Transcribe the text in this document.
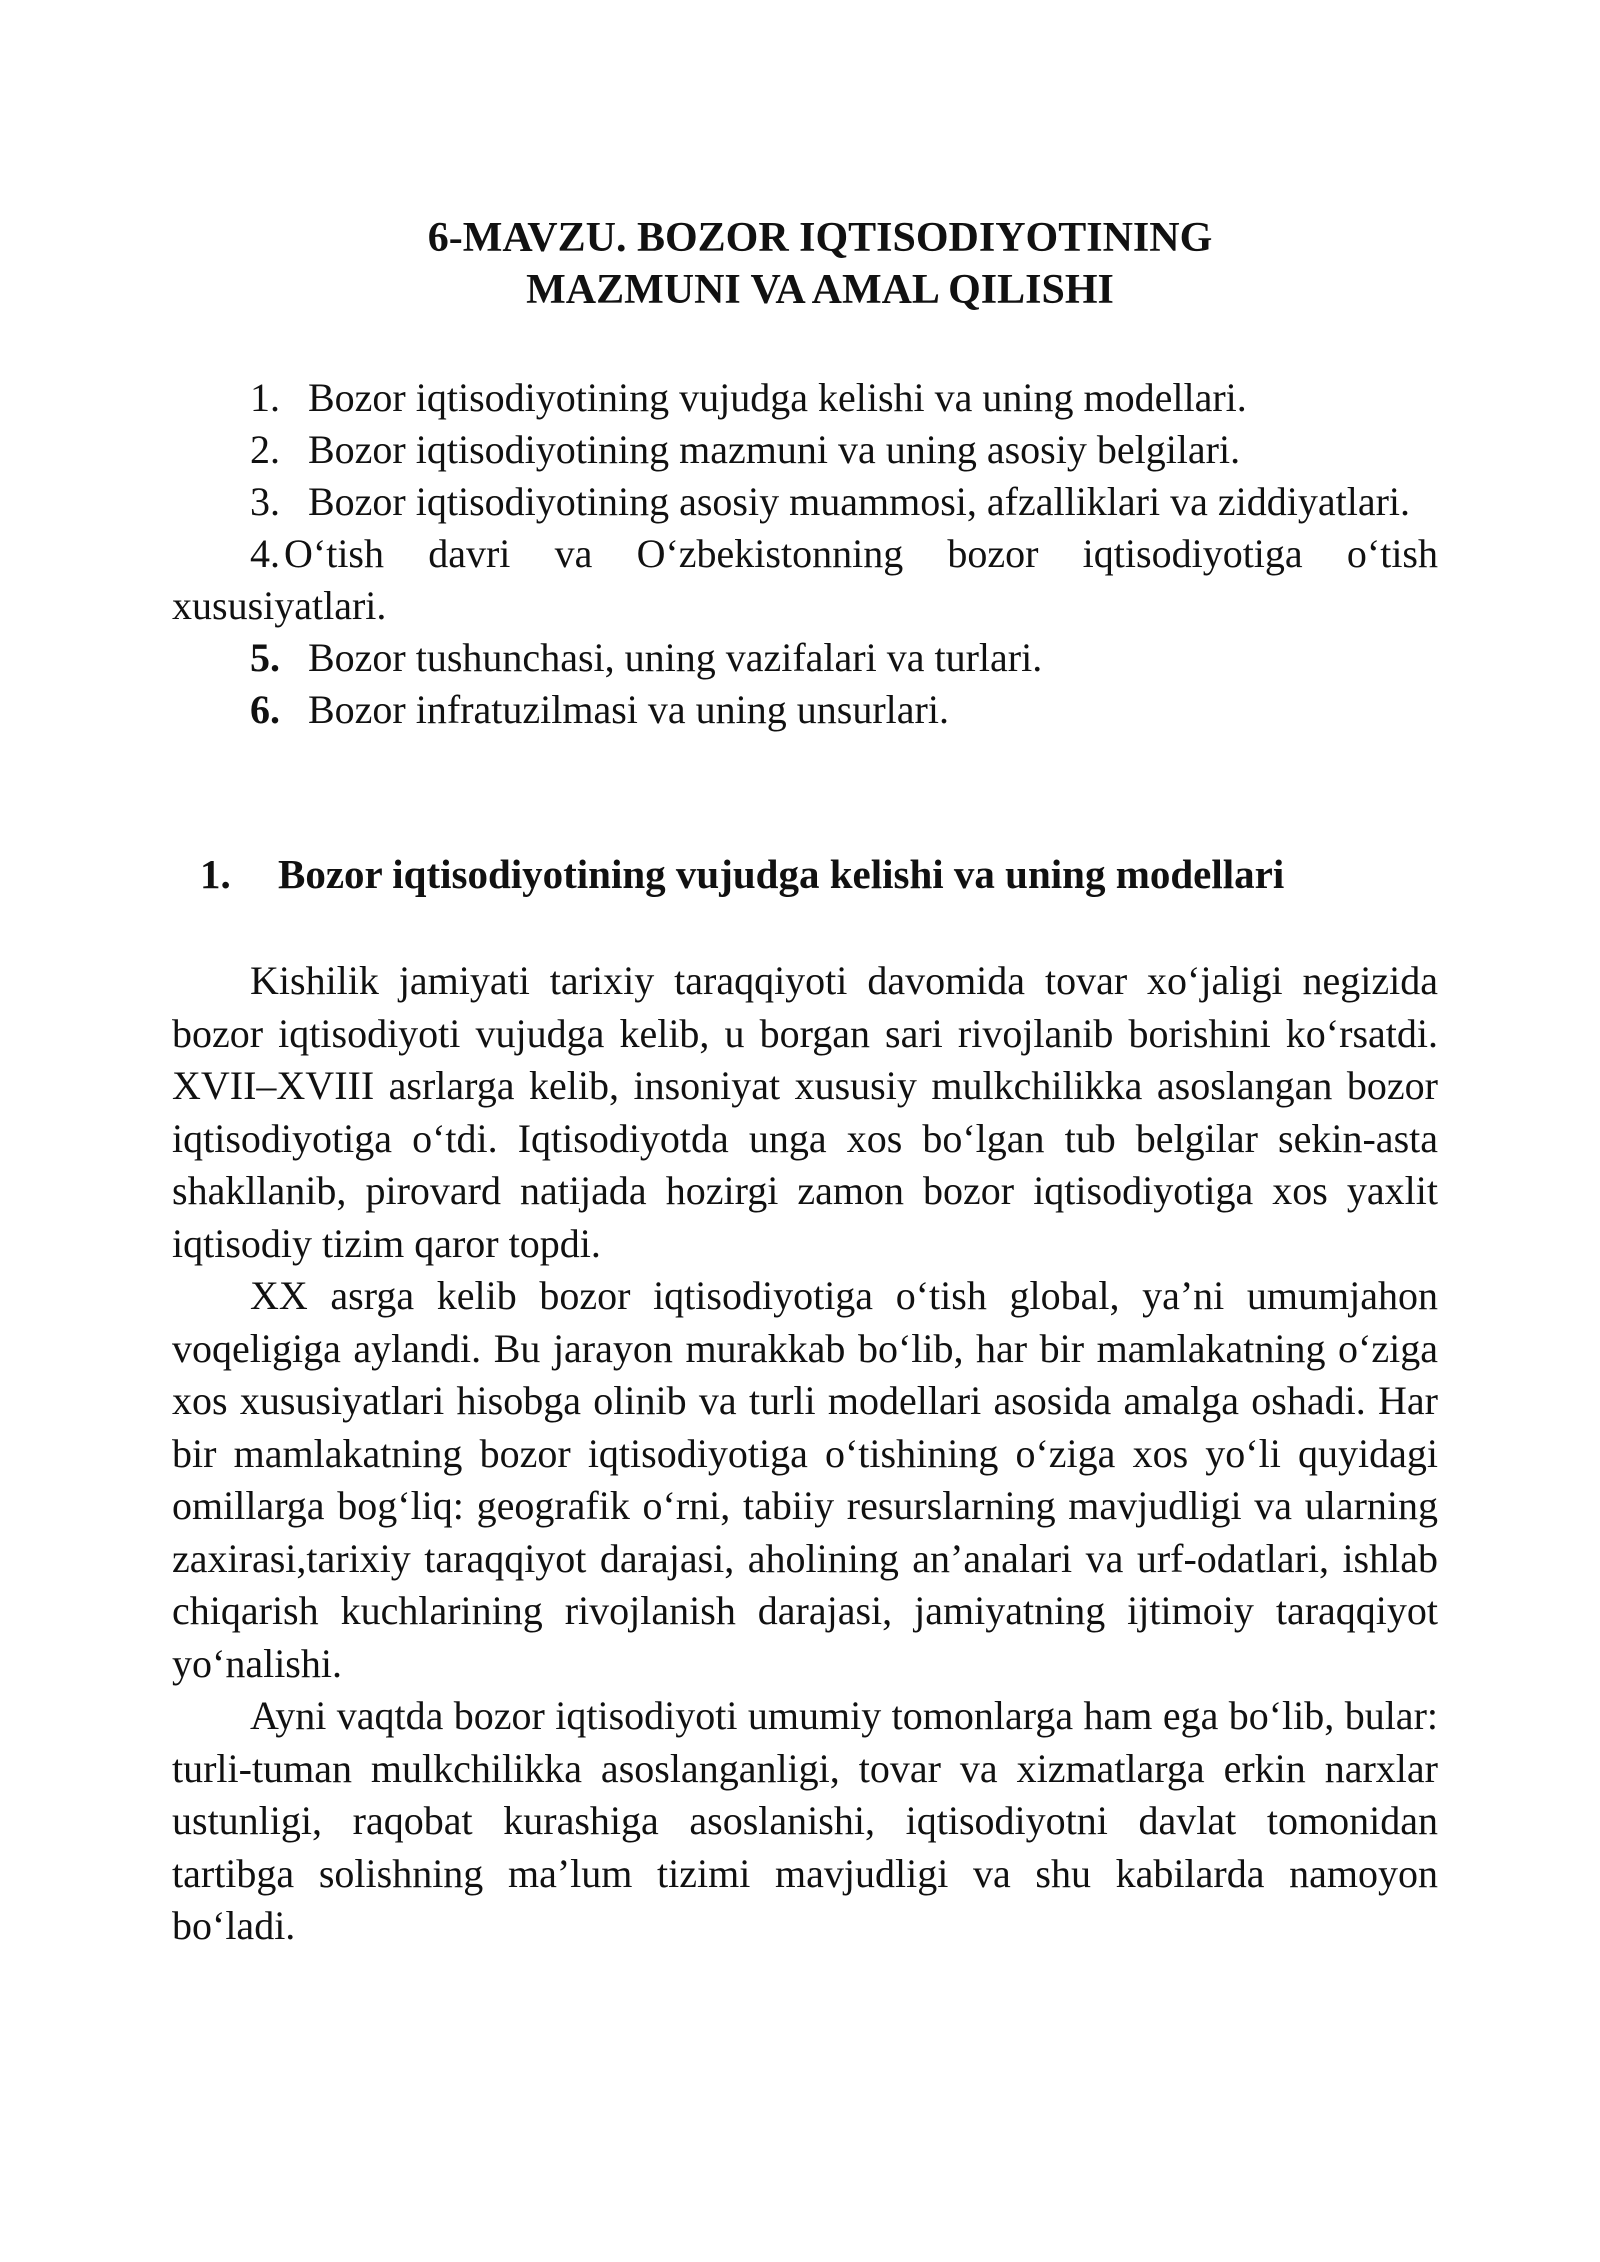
6-MAVZU. BOZOR IQTISODIYOTINING
MAZMUNI VA AMAL QILISHI
1. Bozor iqtisodiyotining vujudga kelishi va uning modellari.
2. Bozor iqtisodiyotining mazmuni va uning asosiy belgilari.
3. Bozor iqtisodiyotining asosiy muammosi, afzalliklari va ziddiyatlari.
4. O‘tish davri va O‘zbekistonning bozor iqtisodiyotiga o‘tish xususiyatlari.
5. Bozor tushunchasi, uning vazifalari va turlari.
6. Bozor infratuzilmasi va uning unsurlari.
1. Bozor iqtisodiyotining vujudga kelishi va uning modellari

Kishilik jamiyati tarixiy taraqqiyoti davomida tovar xo‘jaligi negizida bozor iqtisodiyoti vujudga kelib, u borgan sari rivojlanib borishini ko‘rsatdi. XVII–XVIII asrlarga kelib, insoniyat xususiy mulkchilikka asoslangan bozor iqtisodiyotiga o‘tdi. Iqtisodiyotda unga xos bo‘lgan tub belgilar sekin-asta shakllanib, pirovard natijada hozirgi zamon bozor iqtisodiyotiga xos yaxlit iqtisodiy tizim qaror topdi.

XX asrga kelib bozor iqtisodiyotiga o‘tish global, ya’ni umumjahon voqeligiga aylandi. Bu jarayon murakkab bo‘lib, har bir mamlakatning o‘ziga xos xususiyatlari hisobga olinib va turli modellari asosida amalga oshadi. Har bir mamlakatning bozor iqtisodiyotiga o‘tishining o‘ziga xos yo‘li quyidagi omillarga bog‘liq: geografik o‘rni, tabiiy resurslarning mavjudligi va ularning zaxirasi,tarixiy taraqqiyot darajasi, aholining an’analari va urf-odatlari, ishlab chiqarish kuchlarining rivojlanish darajasi, jamiyatning ijtimoiy taraqqiyot yo‘nalishi.

Ayni vaqtda bozor iqtisodiyoti umumiy tomonlarga ham ega bo‘lib, bular: turli-tuman mulkchilikka asoslanganligi, tovar va xizmatlarga erkin narxlar ustunligi, raqobat kurashiga asoslanishi, iqtisodiyotni davlat tomonidan tartibga solishning ma’lum tizimi mavjudligi va shu kabilarda namoyon bo‘ladi.
